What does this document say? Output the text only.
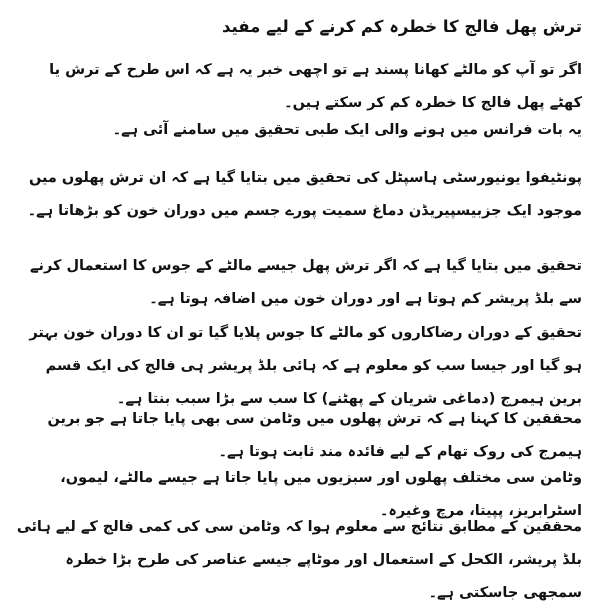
ترش پھل فالج کا خطرہ کم کرنے کے لیے مفید

اگر تو آپ کو مالٹے کھانا پسند ہے تو اچھی خبر یہ ہے کہ اس طرح کے ترش یا کھٹے پھل فالج کا خطرہ کم کر سکتے ہیں۔

یہ بات فرانس میں ہونے والی ایک طبی تحقیق میں سامنے آئی ہے۔

پونٹیفوا یونیورسٹی ہاسپٹل کی تحقیق میں بتایا گیا ہے کہ ان ترش پھلوں میں موجود ایک جزبیسپیریڈن دماغ سمیت پورے جسم میں دوران خون کو بڑھاتا ہے۔

تحقیق میں بتایا گیا ہے کہ اگر ترش پھل جیسے مالٹے کے جوس کا استعمال کرنے سے بلڈ پریشر کم ہوتا ہے اور دوران خون میں اضافہ ہوتا ہے۔

تحقیق کے دوران رضاکاروں کو مالٹے کا جوس پلایا گیا تو ان کا دوران خون بہتر ہو گیا اور جیسا سب کو معلوم ہے کہ ہائی بلڈ پریشر ہی فالج کی ایک قسم برین ہیمرج (دماغی شریان کے پھٹنے) کا سب سے بڑا سبب بنتا ہے۔

محققین کا کہنا ہے کہ ترش پھلوں میں وٹامن سی بھی پایا جاتا ہے جو برین ہیمرج کی روک تھام کے لیے فائدہ مند ثابت ہوتا ہے۔

وٹامن سی مختلف پھلوں اور سبزیوں میں پایا جاتا ہے جیسے مالٹے، لیموں، اسٹرابریز، پپیتا، مرچ وغیرہ۔

محققین کے مطابق نتائج سے معلوم ہوا کہ وٹامن سی کی کمی فالج کے لیے ہائی بلڈ پریشر، الکحل کے استعمال اور موٹاپے جیسے عناصر کی طرح بڑا خطرہ سمجھی جاسکتی ہے۔
